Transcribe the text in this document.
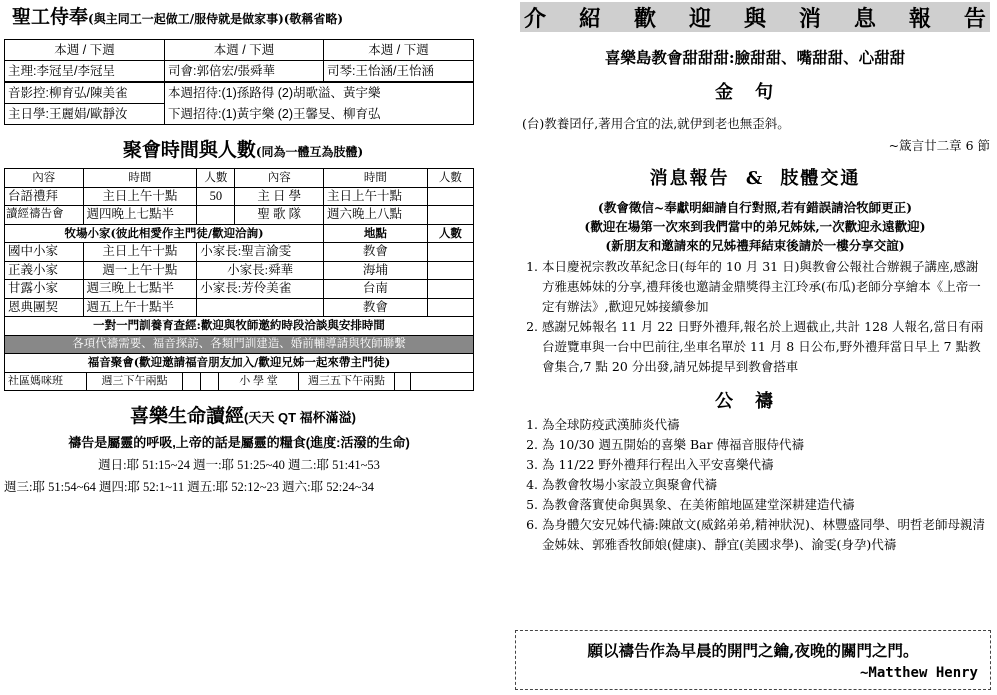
聖工侍奉(與主同工一起做工/服侍就是做家事)(敬稱省略)
本週 / 下週	本週 / 下週	本週 / 下週
主理:李冠呈/李冠呈	司會:郭倍宏/張舜華	司琴:王怡涵/王怡涵
音影控:柳育弘/陳美雀	本週招待:(1)孫路得 (2)胡歌溢、黃宇樂	
主日學:王麗娟/歐靜汝	下週招待:(1)黃宇樂 (2)王馨旻、柳育弘	
聚會時間與人數(同為一體互為肢體)
內容	時間	人數	內容	時間	人數
台語禮拜	主日上午十點	50	主 日 學	主日上午十點	
讀經禱告會	週四晚上七點半		聖 歌 隊	週六晚上八點	
牧場小家(彼此相愛作主門徒/歡迎洽詢)				地點	人數
國中小家	主日上午十點	小家長:聖言渝雯		教會	
正義小家	週一上午十點	小家長:舜華		海埔	
甘露小家	週三晚上七點半	小家長:芳伶美雀		台南	
恩典團契	週五上午十點半			教會	
一對一門訓養育查經:歡迎與牧師邀約時段洽談與安排時間					
各項代禱需要、福音探訪、各類門訓建造、婚前輔導請與牧師聯繫					
福音聚會(歡迎邀請福音朋友加入/歡迎兄姊一起來帶主門徒)					
社區媽咪班	週三下午兩點			小 學 堂	週三五下午兩點		
喜樂生命讀經(天天 QT 福杯滿溢)
禱告是屬靈的呼吸,上帝的話是屬靈的糧食(進度:活潑的生命)
週日:耶 51:15~24 週一:耶 51:25~40 週二:耶 51:41~53
週三:耶 51:54~64 週四:耶 52:1~11 週五:耶 52:12~23 週六:耶 52:24~34
介 紹 歡 迎 與 消 息 報 告
喜樂島教會甜甜甜:臉甜甜、嘴甜甜、心甜甜
金句
(台)教養囝仔,著用合宜的法,就伊到老也無歪斜。
~箴言廿二章 6 節
消息報告 & 肢體交通
(教會徵信~奉獻明細請自行對照,若有錯誤請洽牧師更正)
(歡迎在場第一次來到我們當中的弟兄姊妹,一次歡迎永遠歡迎)
(新朋友和邀請來的兄姊禮拜結束後請於一樓分享交誼)
1. 本日慶祝宗教改革紀念日(每年的 10 月 31 日)與教會公報社合辦親子講座,感謝方雅惠姊妹的分享,禮拜後也邀請金鼎獎得主江玲承(布瓜)老師分享繪本《上帝一定有辦法》,歡迎兄姊接續參加
2. 感謝兄姊報名 11 月 22 日野外禮拜,報名於上週截止,共計 128 人報名,當日有兩台遊覽車與一台中巴前往,坐車名單於 11 月 8 日公布,野外禮拜當日早上 7 點教會集合,7 點 20 分出發,請兄姊提早到教會搭車
公禱
1. 為全球防疫武漢肺炎代禱
2. 為 10/30 週五開始的喜樂 Bar 傳福音服侍代禱
3. 為 11/22 野外禮拜行程出入平安喜樂代禱
4. 為教會牧場小家設立與聚會代禱
5. 為教會落實使命與異象、在美術館地區建堂深耕建造代禱
6. 為身體欠安兄姊代禱:陳啟文(威銘弟弟,精神狀況)、林豐盛同學、明哲老師母親清金姊妹、郭雅香牧師娘(健康)、靜宜(美國求學)、渝雯(身孕)代禱
願以禱告作為早晨的開門之鑰,夜晚的關門之門。
~Matthew Henry
